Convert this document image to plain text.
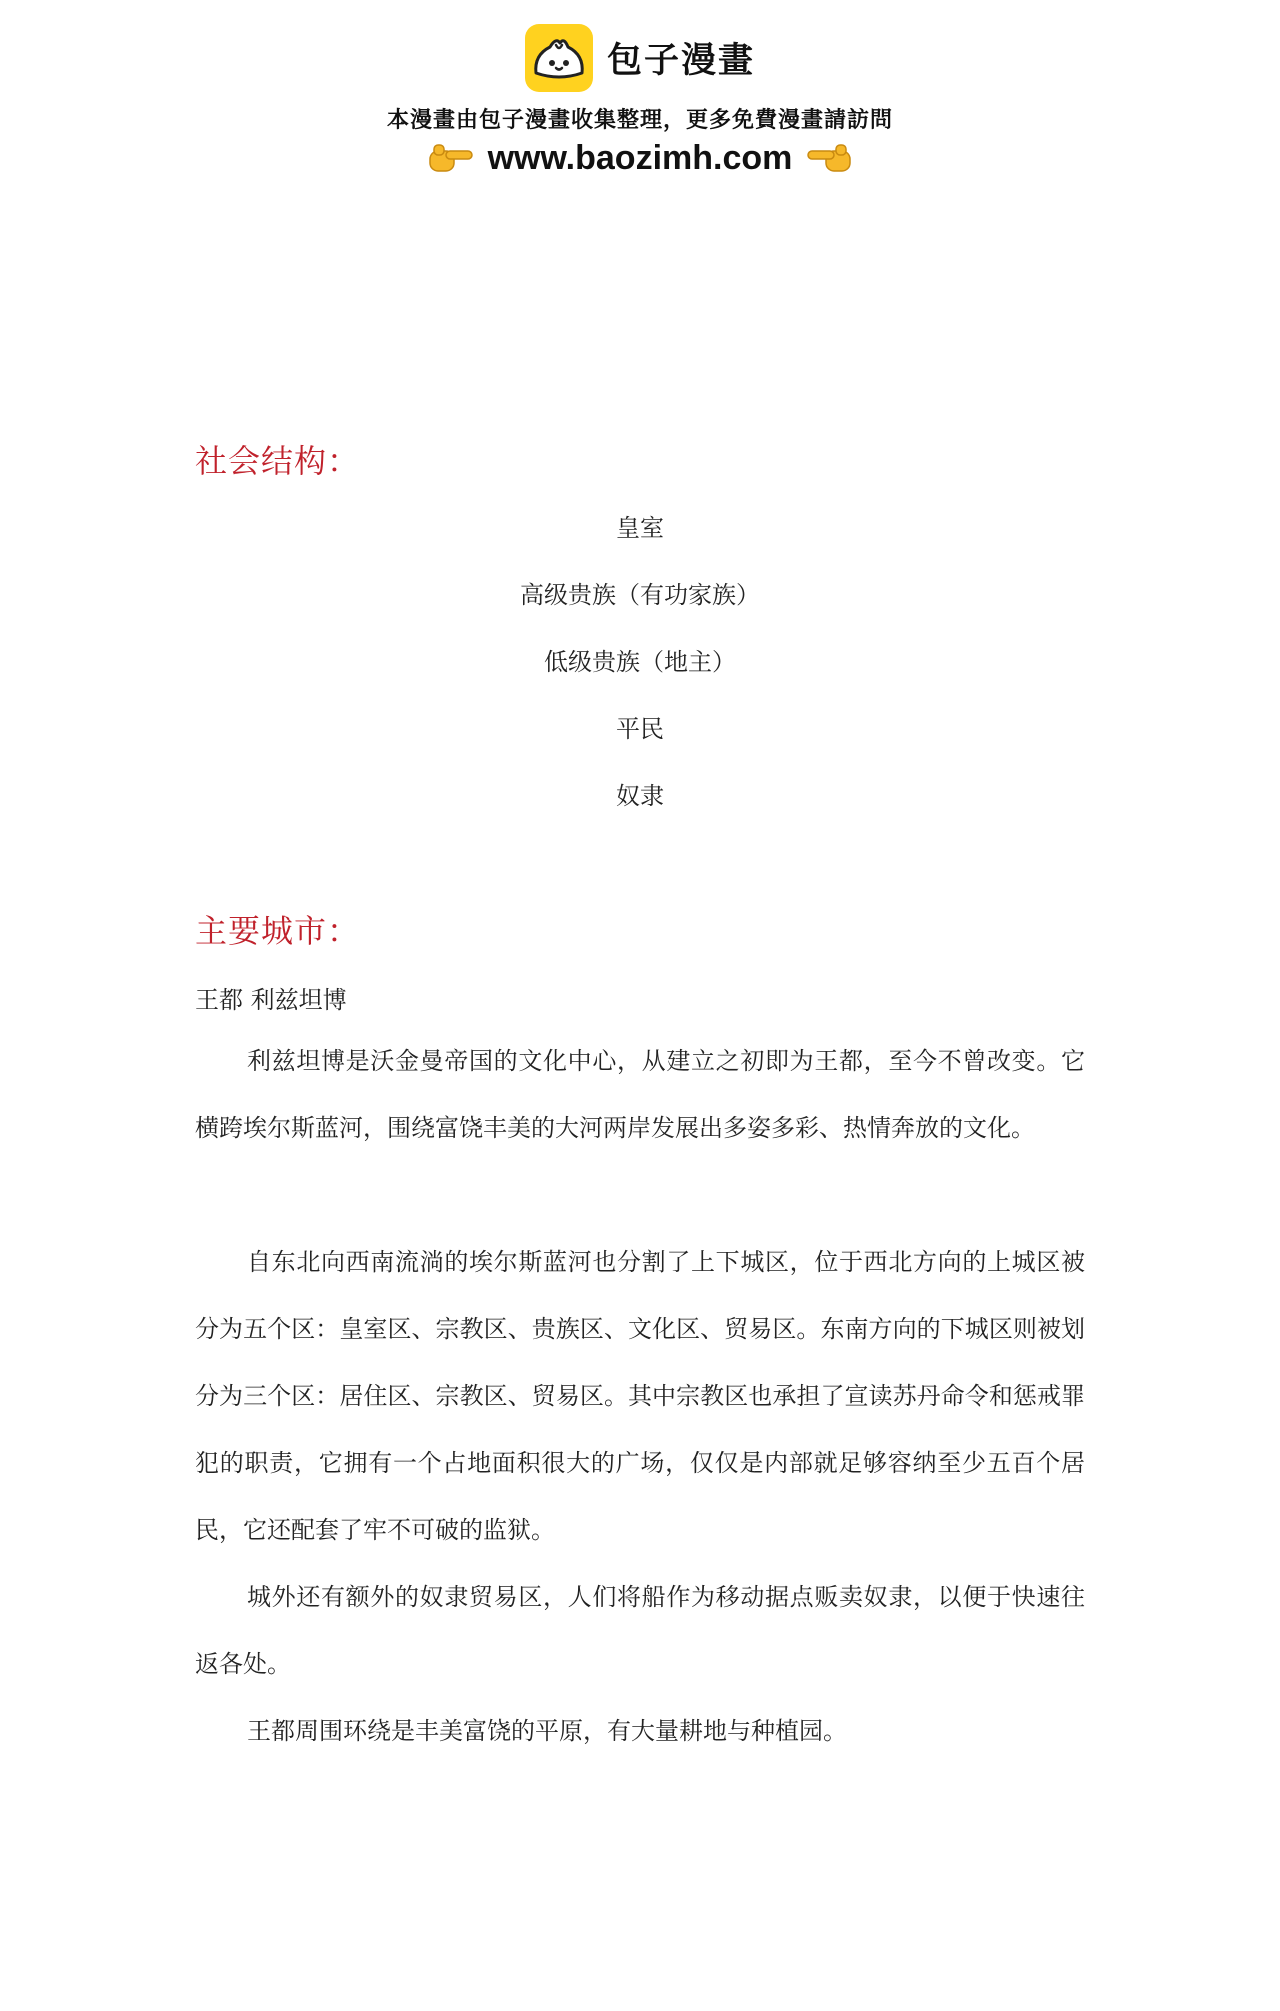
包子漫畫
本漫畫由包子漫畫收集整理，更多免費漫畫請訪問
www.baozimh.com
社会结构：
皇室
高级贵族（有功家族）
低级贵族（地主）
平民
奴隶
主要城市：
王都 利兹坦博

利兹坦博是沃金曼帝国的文化中心，从建立之初即为王都，至今不曾改变。它横跨埃尔斯蓝河，围绕富饶丰美的大河两岸发展出多姿多彩、热情奔放的文化。

自东北向西南流淌的埃尔斯蓝河也分割了上下城区，位于西北方向的上城区被分为五个区：皇室区、宗教区、贵族区、文化区、贸易区。东南方向的下城区则被划分为三个区：居住区、宗教区、贸易区。其中宗教区也承担了宣读苏丹命令和惩戒罪犯的职责，它拥有一个占地面积很大的广场，仅仅是内部就足够容纳至少五百个居民，它还配套了牢不可破的监狱。

城外还有额外的奴隶贸易区，人们将船作为移动据点贩卖奴隶，以便于快速往返各处。

王都周围环绕是丰美富饶的平原，有大量耕地与种植园。
